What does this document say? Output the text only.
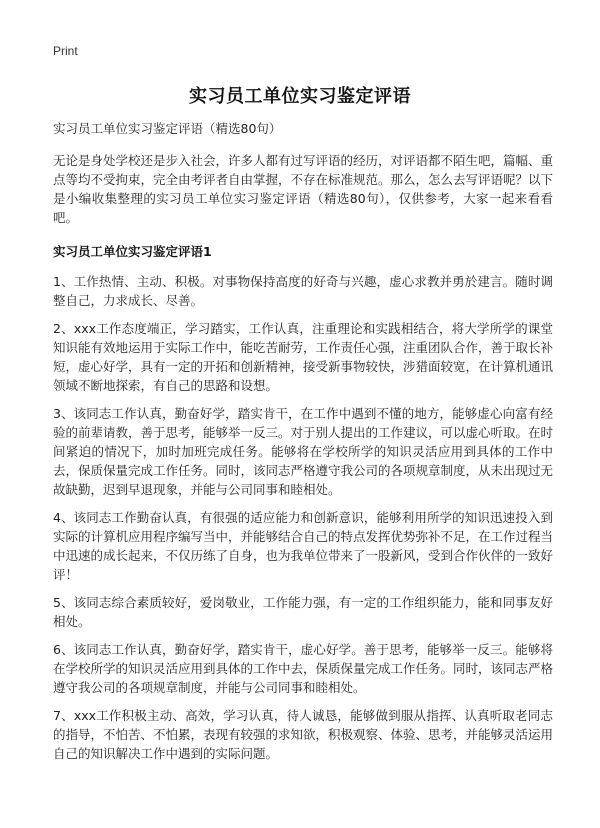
Print
实习员工单位实习鉴定评语

实习员工单位实习鉴定评语（精选80句）

无论是身处学校还是步入社会，许多人都有过写评语的经历，对评语都不陌生吧，篇幅、重点等均不受拘束，完全由考评者自由掌握，不存在标准规范。那么，怎么去写评语呢？以下是小编收集整理的实习员工单位实习鉴定评语（精选80句），仅供参考，大家一起来看看吧。

实习员工单位实习鉴定评语1

1、工作热情、主动、积极。对事物保持高度的好奇与兴趣，虚心求教并勇於建言。随时调整自己，力求成长、尽善。

2、xxx工作态度端正，学习踏实，工作认真，注重理论和实践相结合，将大学所学的课堂知识能有效地运用于实际工作中，能吃苦耐劳，工作责任心强，注重团队合作，善于取长补短，虚心好学，具有一定的开拓和创新精神，接受新事物较快，涉猎面较宽，在计算机通讯领域不断地探索，有自己的思路和设想。

3、该同志工作认真，勤奋好学，踏实肯干，在工作中遇到不懂的地方，能够虚心向富有经验的前辈请教，善于思考，能够举一反三。对于别人提出的工作建议，可以虚心听取。在时间紧迫的情况下，加时加班完成任务。能够将在学校所学的知识灵活应用到具体的工作中去，保质保量完成工作任务。同时，该同志严格遵守我公司的各项规章制度，从未出现过无故缺勤，迟到早退现象，并能与公司同事和睦相处。

4、该同志工作勤奋认真，有很强的适应能力和创新意识，能够利用所学的知识迅速投入到实际的计算机应用程序编写当中，并能够结合自己的特点发挥优势弥补不足，在工作过程当中迅速的成长起来，不仅历练了自身，也为我单位带来了一股新风，受到合作伙伴的一致好评！

5、该同志综合素质较好，爱岗敬业，工作能力强，有一定的工作组织能力，能和同事友好相处。

6、该同志工作认真，勤奋好学，踏实肯干，虚心好学。善于思考，能够举一反三。能够将在学校所学的知识灵活应用到具体的工作中去，保质保量完成工作任务。同时，该同志严格遵守我公司的各项规章制度，并能与公司同事和睦相处。

7、xxx工作积极主动、高效，学习认真，待人诚恳，能够做到服从指挥、认真听取老同志的指导，不怕苦、不怕累，表现有较强的求知欲，积极观察、体验、思考，并能够灵活运用自己的知识解决工作中遇到的实际问题。
